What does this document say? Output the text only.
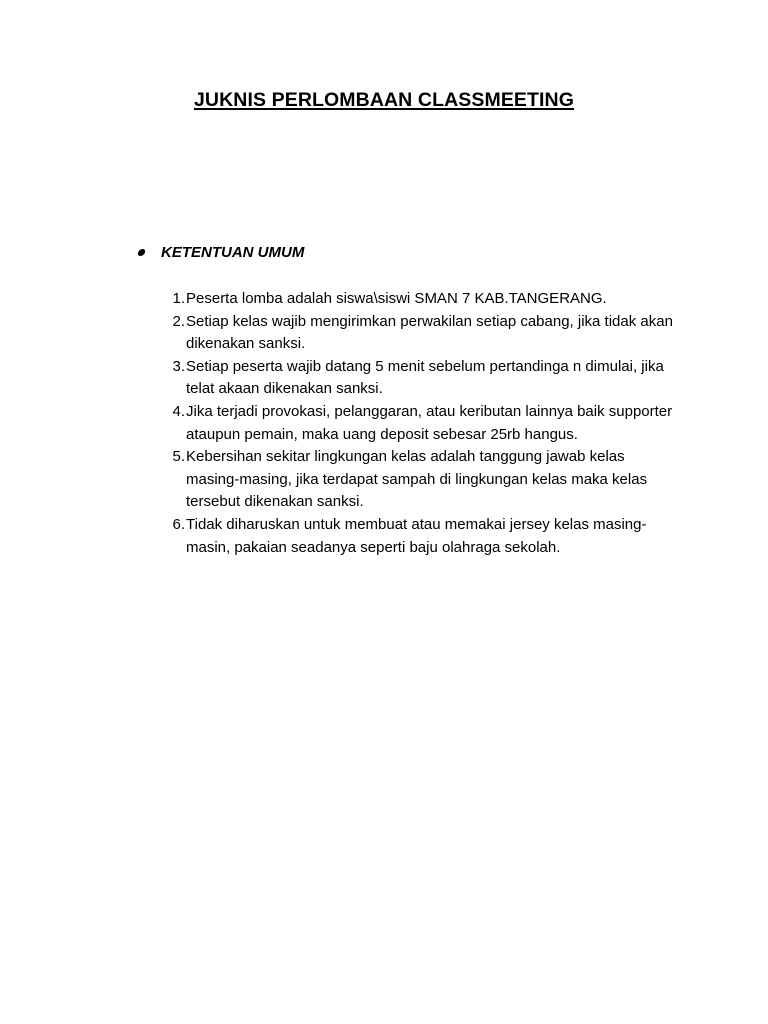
JUKNIS PERLOMBAAN CLASSMEETING
KETENTUAN UMUM
1. Peserta lomba adalah siswa\siswi SMAN 7 KAB.TANGERANG.
2. Setiap kelas wajib mengirimkan perwakilan setiap cabang, jika tidak akan dikenakan sanksi.
3. Setiap peserta wajib datang 5 menit sebelum pertandinga n dimulai, jika telat akaan dikenakan sanksi.
4. Jika terjadi provokasi, pelanggaran, atau keributan lainnya baik supporter ataupun pemain, maka uang deposit sebesar 25rb hangus.
5. Kebersihan sekitar lingkungan kelas adalah tanggung jawab kelas masing-masing, jika terdapat sampah di lingkungan kelas maka kelas tersebut dikenakan sanksi.
6. Tidak diharuskan untuk membuat atau memakai jersey kelas masing-masin, pakaian seadanya seperti baju olahraga sekolah.
